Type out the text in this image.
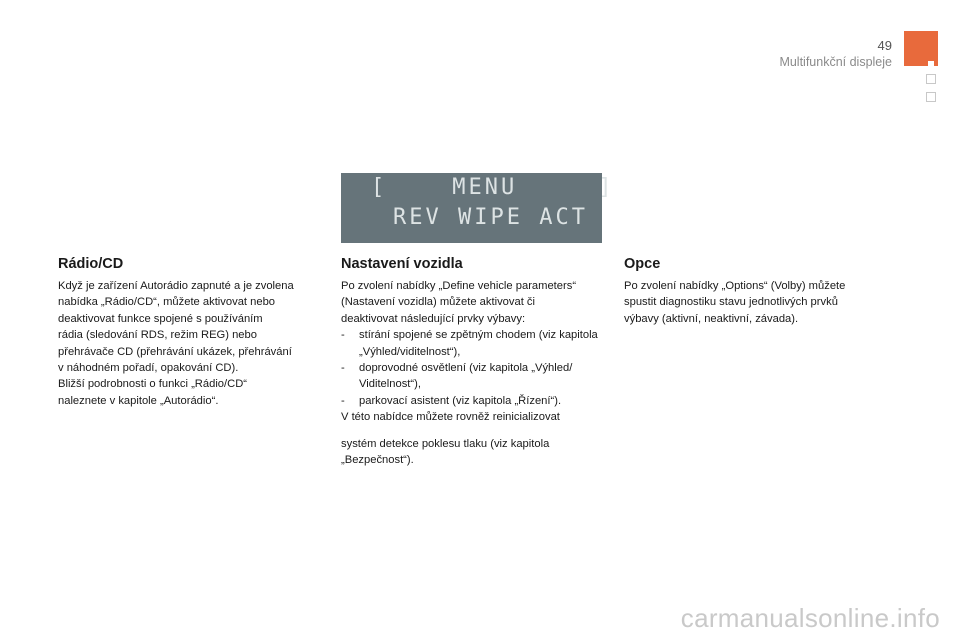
49
Multifunkční displeje
[    MENU     ]
REV WIPE ACT
Rádio/CD

Když je zařízení Autorádio zapnuté a je zvolena

nabídka „Rádio/CD“, můžete aktivovat nebo

deaktivovat funkce spojené s používáním

rádia (sledování RDS, režim REG) nebo

přehrávače CD (přehrávání ukázek, přehrávání

v náhodném pořadí, opakování CD).

Bližší podrobnosti o funkci „Rádio/CD“

naleznete v kapitole „Autorádio“.

Nastavení vozidla

Po zvolení nabídky „Define vehicle parameters“

(Nastavení vozidla) můžete aktivovat či

deaktivovat následující prvky výbavy:

- stírání spojené se zpětným chodem (viz kapitola „Výhled/viditelnost“),
- doprovodné osvětlení (viz kapitola „Výhled/ Viditelnost“),
- parkovací asistent (viz kapitola „Řízení“).

V této nabídce můžete rovněž reinicializovat

systém detekce poklesu tlaku (viz kapitola

„Bezpečnost“).

Opce

Po zvolení nabídky „Options“ (Volby) můžete

spustit diagnostiku stavu jednotlivých prvků

výbavy (aktivní, neaktivní, závada).

carmanualsonline.info
